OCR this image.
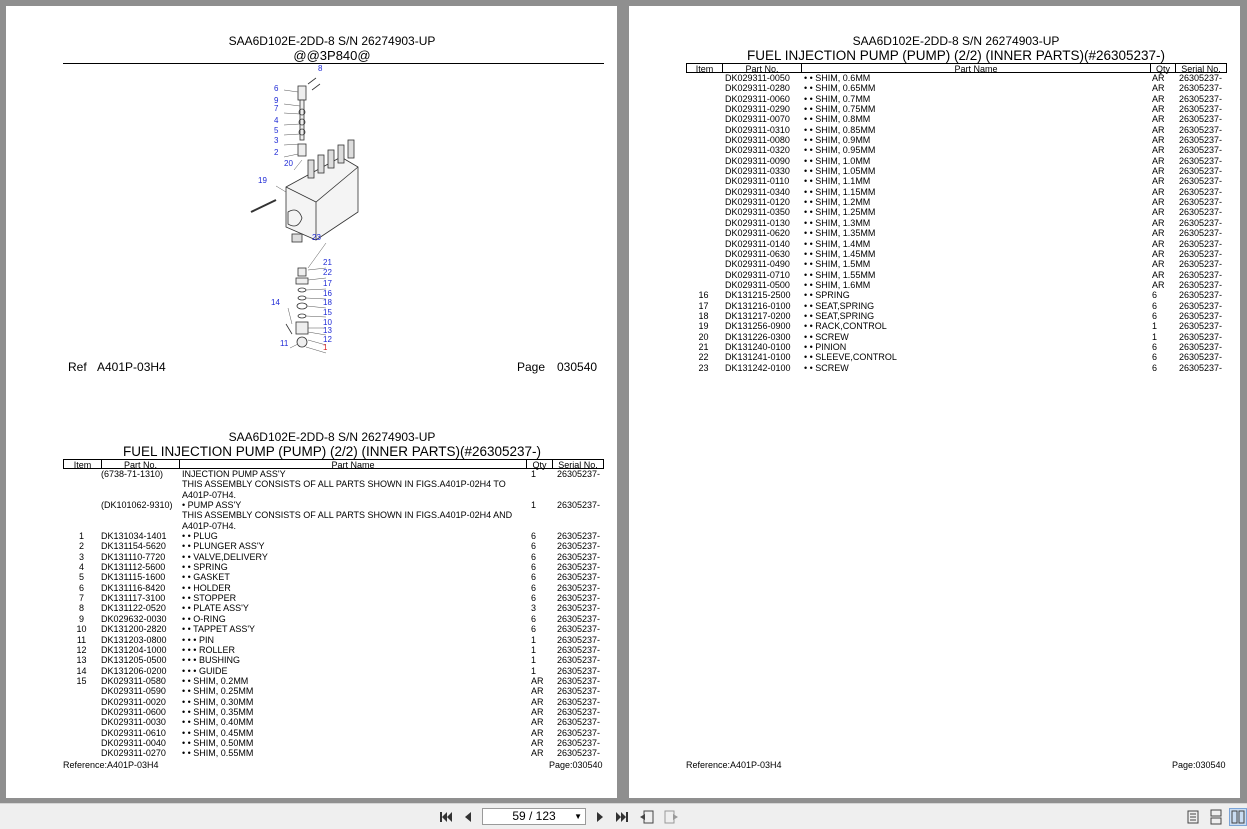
SAA6D102E-2DD-8 S/N 26274903-UP
@@3P840@
8
6
9
7
4
5
3
2
20
19
23
21
22
17
16
18
15
10
13
12
14
11	1
Ref A401P-03H4	Page 030540
SAA6D102E-2DD-8 S/N 26274903-UP
FUEL INJECTION PUMP (PUMP) (2/2) (INNER PARTS)(#26305237-)
Item	Part No.	Part Name	Qty	Serial No.
(6738-71-1310) INJECTION PUMP ASS'Y	1 26305237-
THIS ASSEMBLY CONSISTS OF ALL PARTS SHOWN IN FIGS.A401P-02H4 TO A401P-07H4.
(DK101062-9310) • PUMP ASS'Y	1 26305237-
THIS ASSEMBLY CONSISTS OF ALL PARTS SHOWN IN FIGS.A401P-02H4 AND A401P-07H4.
1	DK131034-1401 • • PLUG	6 26305237-
2	DK131154-5620 • • PLUNGER ASS'Y	6 26305237-
3	DK131110-7720 • • VALVE,DELIVERY	6 26305237-
4	DK131112-5600 • • SPRING	6 26305237-
5	DK131115-1600 • • GASKET	6 26305237-
6	DK131116-8420 • • HOLDER	6 26305237-
7	DK131117-3100 • • STOPPER	6 26305237-
8	DK131122-0520 • • PLATE ASS'Y	3 26305237-
9	DK029632-0030 • • O-RING	6 26305237-
10	DK131200-2820 • • TAPPET ASS'Y	6 26305237-
11	DK131203-0800 • • • PIN	1 26305237-
12	DK131204-1000 • • • ROLLER	1 26305237-
13	DK131205-0500 • • • BUSHING	1 26305237-
14	DK131206-0200 • • • GUIDE	1 26305237-
15	DK029311-0580 • • SHIM, 0.2MM	AR 26305237-
DK029311-0590 • • SHIM, 0.25MM	AR 26305237-
DK029311-0020 • • SHIM, 0.30MM	AR 26305237-
DK029311-0600 • • SHIM, 0.35MM	AR 26305237-
DK029311-0030 • • SHIM, 0.40MM	AR 26305237-
DK029311-0610 • • SHIM, 0.45MM	AR 26305237-
DK029311-0040 • • SHIM, 0.50MM	AR 26305237-
DK029311-0270 • • SHIM, 0.55MM	AR 26305237-
Reference:A401P-03H4	Page:030540
SAA6D102E-2DD-8 S/N 26274903-UP
FUEL INJECTION PUMP (PUMP) (2/2) (INNER PARTS)(#26305237-)
Item	Part No.	Part Name	Qty	Serial No.
DK029311-0050 • • SHIM, 0.6MM	AR 26305237-
DK029311-0280 • • SHIM, 0.65MM	AR 26305237-
DK029311-0060 • • SHIM, 0.7MM	AR 26305237-
DK029311-0290 • • SHIM, 0.75MM	AR 26305237-
DK029311-0070 • • SHIM, 0.8MM	AR 26305237-
DK029311-0310 • • SHIM, 0.85MM	AR 26305237-
DK029311-0080 • • SHIM, 0.9MM	AR 26305237-
DK029311-0320 • • SHIM, 0.95MM	AR 26305237-
DK029311-0090 • • SHIM, 1.0MM	AR 26305237-
DK029311-0330 • • SHIM, 1.05MM	AR 26305237-
DK029311-0110 • • SHIM, 1.1MM	AR 26305237-
DK029311-0340 • • SHIM, 1.15MM	AR 26305237-
DK029311-0120 • • SHIM, 1.2MM	AR 26305237-
DK029311-0350 • • SHIM, 1.25MM	AR 26305237-
DK029311-0130 • • SHIM, 1.3MM	AR 26305237-
DK029311-0620 • • SHIM, 1.35MM	AR 26305237-
DK029311-0140 • • SHIM, 1.4MM	AR 26305237-
DK029311-0630 • • SHIM, 1.45MM	AR 26305237-
DK029311-0490 • • SHIM, 1.5MM	AR 26305237-
DK029311-0710 • • SHIM, 1.55MM	AR 26305237-
DK029311-0500 • • SHIM, 1.6MM	AR 26305237-
16	DK131215-2500 • • SPRING	6 26305237-
17	DK131216-0100 • • SEAT,SPRING	6 26305237-
18	DK131217-0200 • • SEAT,SPRING	6 26305237-
19	DK131256-0900 • • RACK,CONTROL	1 26305237-
20	DK131226-0300 • • SCREW	1 26305237-
21	DK131240-0100 • • PINION	6 26305237-
22	DK131241-0100 • • SLEEVE,CONTROL	6 26305237-
23	DK131242-0100 • • SCREW	6 26305237-
Reference:A401P-03H4	Page:030540
59 / 123 ▼
